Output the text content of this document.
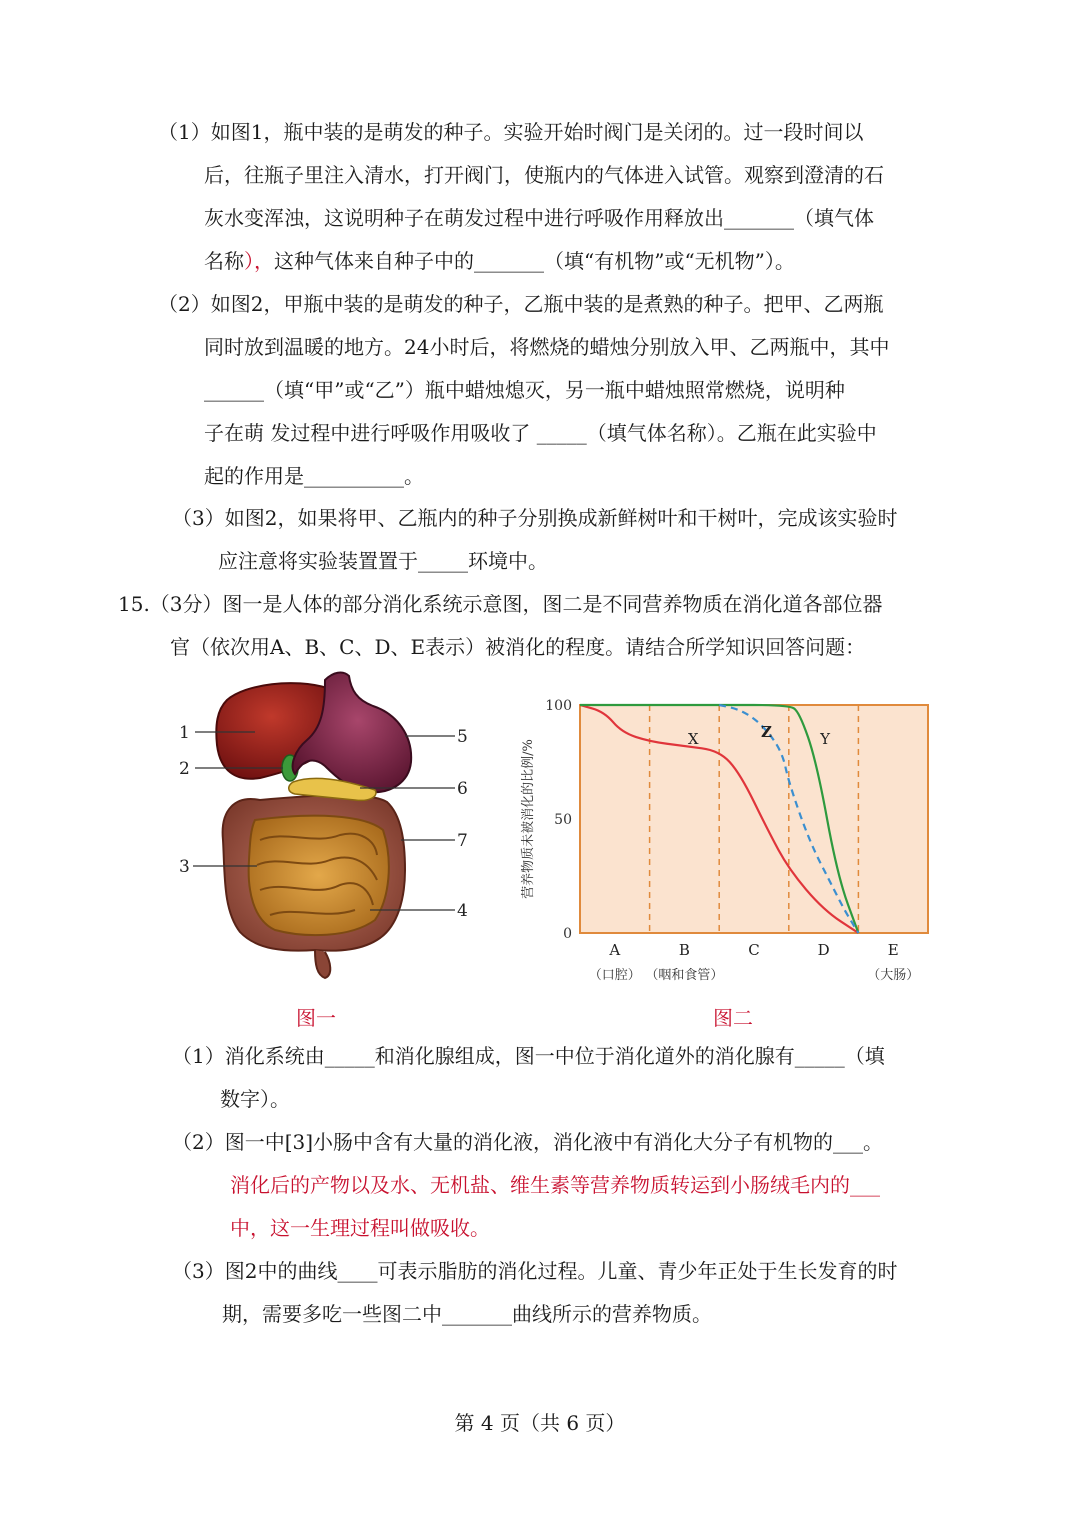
（1）如图1，瓶中装的是萌发的种子。实验开始时阀门是关闭的。过一段时间以
后，往瓶子里注入清水，打开阀门，使瓶内的气体进入试管。观察到澄清的石
灰水变浑浊，这说明种子在萌发过程中进行呼吸作用释放出_______（填气体
名称），这种气体来自种子中的_______（填“有机物”或“无机物”）。
（2）如图2，甲瓶中装的是萌发的种子，乙瓶中装的是煮熟的种子。把甲、乙两瓶
同时放到温暖的地方。24小时后，将燃烧的蜡烛分别放入甲、乙两瓶中，其中
______（填“甲”或“乙”）瓶中蜡烛熄灭，另一瓶中蜡烛照常燃烧，说明种
子在萌 发过程中进行呼吸作用吸收了 _____（填气体名称）。乙瓶在此实验中
起的作用是__________。
（3）如图2，如果将甲、乙瓶内的种子分别换成新鲜树叶和干树叶，完成该实验时
应注意将实验装置置于_____环境中。
15.（3分）图一是人体的部分消化系统示意图，图二是不同营养物质在消化道各部位器
官（依次用A、B、C、D、E表示）被消化的程度。请结合所学知识回答问题：
1
2
3
4
5
6
7
图一
营养物质未被消化的比例/%
100
50
0
X	Y
Z
A
（口腔）
B
（咽和食管）
C	D	E
（大肠）
图二
（1）消化系统由_____和消化腺组成，图一中位于消化道外的消化腺有_____（填
数字）。
（2）图一中[3]小肠中含有大量的消化液，消化液中有消化大分子有机物的___。
消化后的产物以及水、无机盐、维生素等营养物质转运到小肠绒毛内的___
中，这一生理过程叫做吸收。
（3）图2中的曲线____可表示脂肪的消化过程。儿童、青少年正处于生长发育的时
期，需要多吃一些图二中_______曲线所示的营养物质。
第 4 页（共 6 页）
